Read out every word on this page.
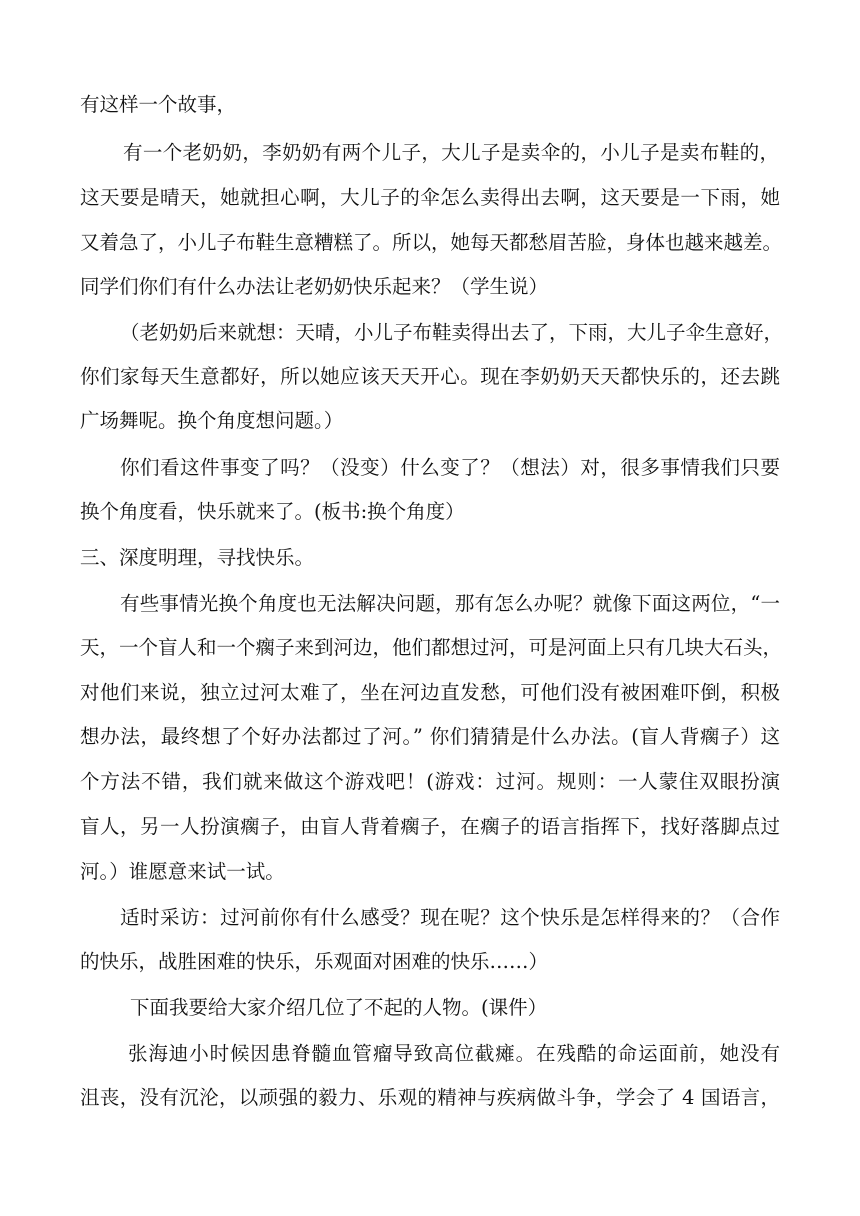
有这样一个故事，
有一个老奶奶，李奶奶有两个儿子，大儿子是卖伞的，小儿子是卖布鞋的，
这天要是晴天，她就担心啊，大儿子的伞怎么卖得出去啊，这天要是一下雨，她
又着急了，小儿子布鞋生意糟糕了。所以，她每天都愁眉苦脸，身体也越来越差。
同学们你们有什么办法让老奶奶快乐起来？（学生说）
（老奶奶后来就想：天晴，小儿子布鞋卖得出去了，下雨，大儿子伞生意好，
你们家每天生意都好，所以她应该天天开心。现在李奶奶天天都快乐的，还去跳
广场舞呢。换个角度想问题。）
你们看这件事变了吗？（没变）什么变了？（想法）对，很多事情我们只要
换个角度看，快乐就来了。(板书:换个角度）
三、深度明理，寻找快乐。
有些事情光换个角度也无法解决问题，那有怎么办呢？就像下面这两位，“一
天，一个盲人和一个瘸子来到河边，他们都想过河，可是河面上只有几块大石头，
对他们来说，独立过河太难了，坐在河边直发愁，可他们没有被困难吓倒，积极
想办法，最终想了个好办法都过了河。” 你们猜猜是什么办法。(盲人背瘸子）这
个方法不错，我们就来做这个游戏吧！(游戏：过河。规则：一人蒙住双眼扮演
盲人，另一人扮演瘸子，由盲人背着瘸子，在瘸子的语言指挥下，找好落脚点过
河。）谁愿意来试一试。
适时采访：过河前你有什么感受？现在呢？这个快乐是怎样得来的？（合作
的快乐，战胜困难的快乐，乐观面对困难的快乐……）
下面我要给大家介绍几位了不起的人物。(课件）
张海迪小时候因患脊髓血管瘤导致高位截瘫。在残酷的命运面前，她没有
沮丧，没有沉沦，以顽强的毅力、乐观的精神与疾病做斗争，学会了 4 国语言，
